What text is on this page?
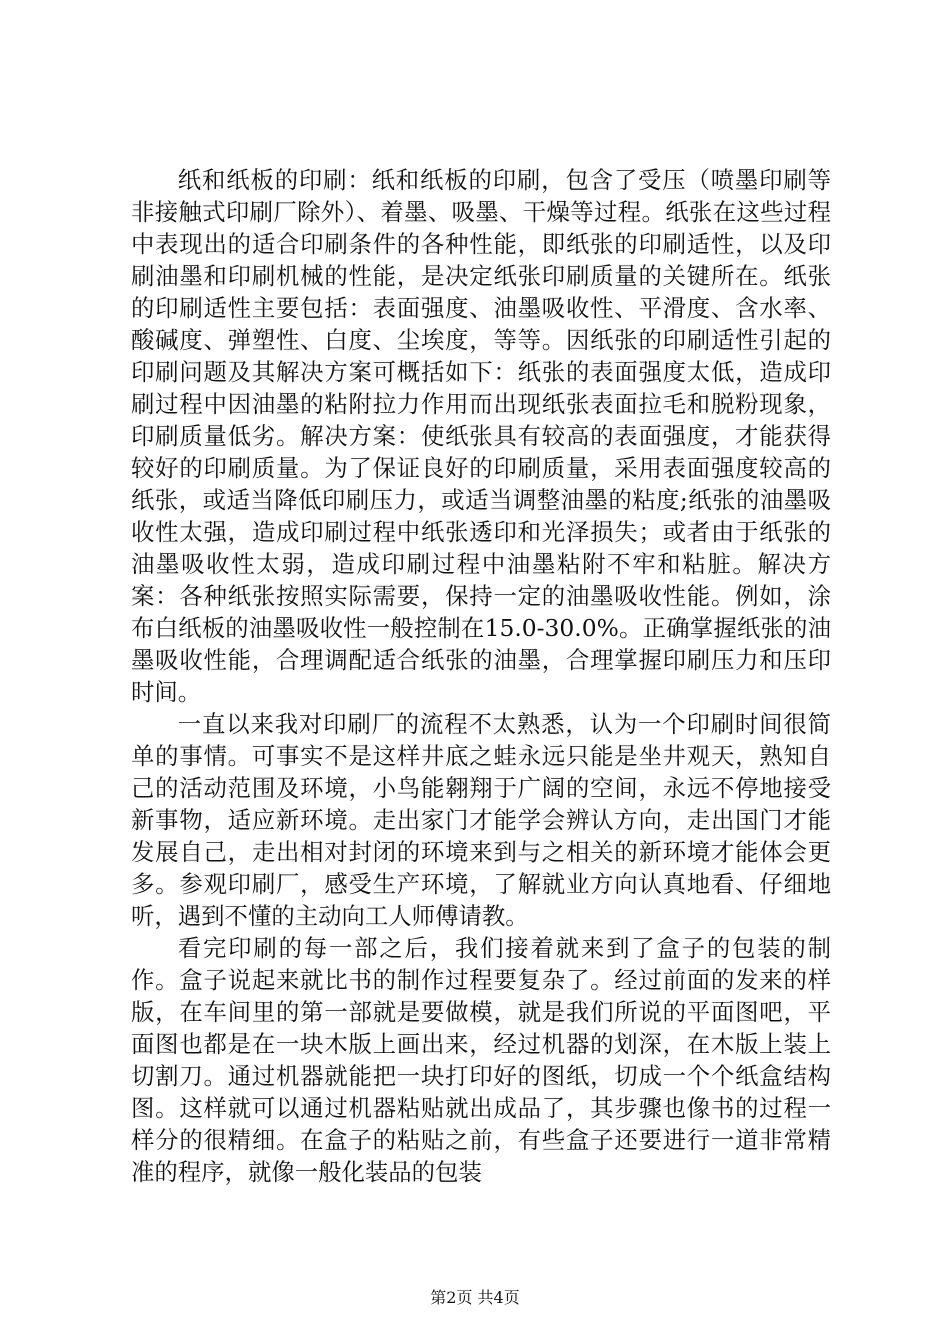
纸和纸板的印刷：纸和纸板的印刷，包含了受压（喷墨印刷等非接触式印刷厂除外）、着墨、吸墨、干燥等过程。纸张在这些过程中表现出的适合印刷条件的各种性能，即纸张的印刷适性，以及印刷油墨和印刷机械的性能，是决定纸张印刷质量的关键所在。纸张的印刷适性主要包括：表面强度、油墨吸收性、平滑度、含水率、酸碱度、弹塑性、白度、尘埃度，等等。因纸张的印刷适性引起的印刷问题及其解决方案可概括如下：纸张的表面强度太低，造成印刷过程中因油墨的粘附拉力作用而出现纸张表面拉毛和脱粉现象，印刷质量低劣。解决方案：使纸张具有较高的表面强度，才能获得较好的印刷质量。为了保证良好的印刷质量，采用表面强度较高的纸张，或适当降低印刷压力，或适当调整油墨的粘度;纸张的油墨吸收性太强，造成印刷过程中纸张透印和光泽损失；或者由于纸张的油墨吸收性太弱，造成印刷过程中油墨粘附不牢和粘脏。解决方案：各种纸张按照实际需要，保持一定的油墨吸收性能。例如，涂布白纸板的油墨吸收性一般控制在15.0-30.0%。正确掌握纸张的油墨吸收性能，合理调配适合纸张的油墨，合理掌握印刷压力和压印时间。

一直以来我对印刷厂的流程不太熟悉，认为一个印刷时间很简单的事情。可事实不是这样井底之蛙永远只能是坐井观天，熟知自己的活动范围及环境，小鸟能翱翔于广阔的空间，永远不停地接受新事物，适应新环境。走出家门才能学会辨认方向，走出国门才能发展自己，走出相对封闭的环境来到与之相关的新环境才能体会更多。参观印刷厂，感受生产环境，了解就业方向认真地看、仔细地听，遇到不懂的主动向工人师傅请教。

看完印刷的每一部之后，我们接着就来到了盒子的包装的制作。盒子说起来就比书的制作过程要复杂了。经过前面的发来的样版，在车间里的第一部就是要做模，就是我们所说的平面图吧，平面图也都是在一块木版上画出来，经过机器的划深，在木版上装上切割刀。通过机器就能把一块打印好的图纸，切成一个个纸盒结构图。这样就可以通过机器粘贴就出成品了，其步骤也像书的过程一样分的很精细。在盒子的粘贴之前，有些盒子还要进行一道非常精准的程序，就像一般化装品的包装

第2页 共4页
